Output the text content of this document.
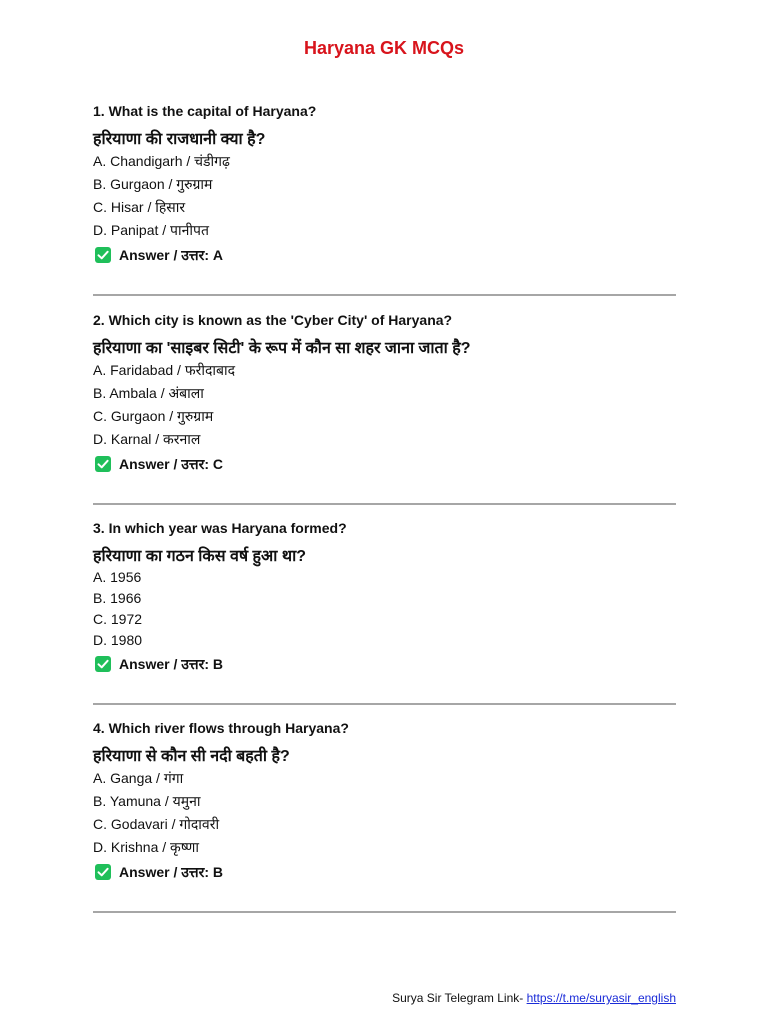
Haryana GK MCQs
1. What is the capital of Haryana?
हरियाणा की राजधानी क्या है?
A. Chandigarh / चंडीगढ़
B. Gurgaon / गुरुग्राम
C. Hisar / हिसार
D. Panipat / पानीपत
Answer / उत्तर: A
2. Which city is known as the 'Cyber City' of Haryana?
हरियाणा का 'साइबर सिटी' के रूप में कौन सा शहर जाना जाता है?
A. Faridabad / फरीदाबाद
B. Ambala / अंबाला
C. Gurgaon / गुरुग्राम
D. Karnal / करनाल
Answer / उत्तर: C
3. In which year was Haryana formed?
हरियाणा का गठन किस वर्ष हुआ था?
A. 1956
B. 1966
C. 1972
D. 1980
Answer / उत्तर: B
4. Which river flows through Haryana?
हरियाणा से कौन सी नदी बहती है?
A. Ganga / गंगा
B. Yamuna / यमुना
C. Godavari / गोदावरी
D. Krishna / कृष्णा
Answer / उत्तर: B
Surya Sir Telegram Link- https://t.me/suryasir_english
